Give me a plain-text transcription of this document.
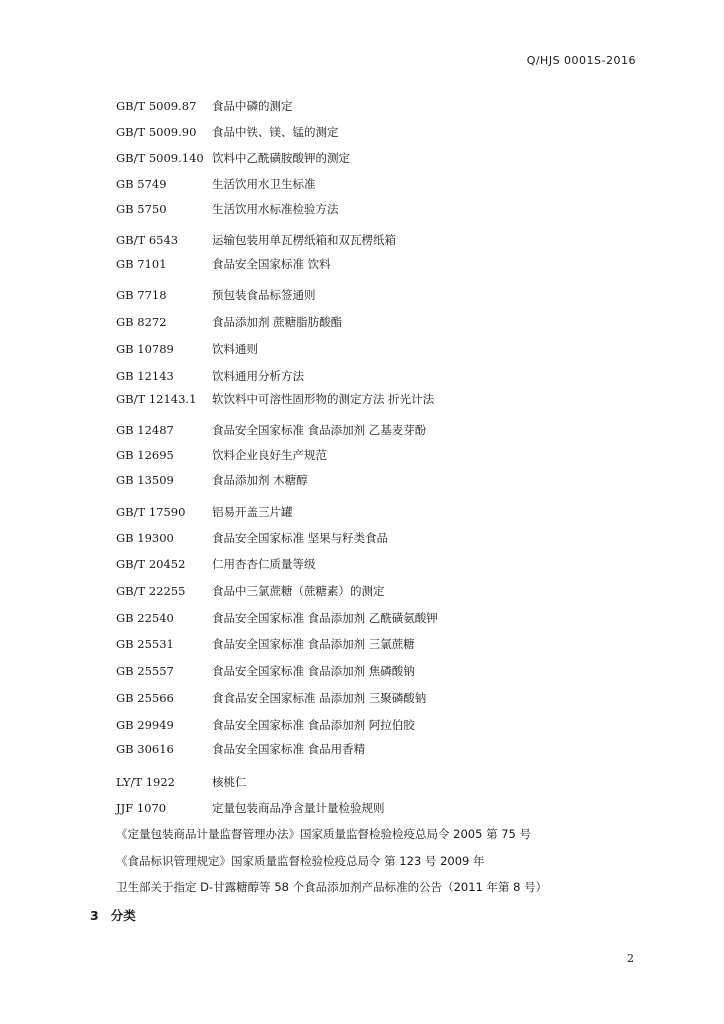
Q/HJS 0001S-2016
GB/T 5009.87 食品中磷的测定
GB/T 5009.90 食品中铁、镁、锰的测定
GB/T 5009.140 饮料中乙酰磺胺酸钾的测定
GB 5749	生活饮用水卫生标准
GB 5750	生活饮用水标准检验方法
GB/T 6543	运输包装用单瓦楞纸箱和双瓦楞纸箱
GB 7101	食品安全国家标准 饮料
GB 7718	预包装食品标签通则
GB 8272	食品添加剂 蔗糖脂肪酸酯
GB 10789	饮料通则
GB 12143	饮料通用分析方法
GB/T 12143.1 软饮料中可溶性固形物的测定方法 折光计法
GB 12487	食品安全国家标准 食品添加剂 乙基麦芽酚
GB 12695	饮料企业良好生产规范
GB 13509	食品添加剂 木糖醇
GB/T 17590 铝易开盖三片罐
GB 19300	食品安全国家标准 坚果与籽类食品
GB/T 20452 仁用杏杏仁质量等级
GB/T 22255 食品中三氯蔗糖（蔗糖素）的测定
GB 22540	食品安全国家标准 食品添加剂 乙酰磺氨酸钾
GB 25531	食品安全国家标准 食品添加剂 三氯蔗糖
GB 25557	食品安全国家标准 食品添加剂 焦磷酸钠
GB 25566	食食品安全国家标准 品添加剂 三聚磷酸钠
GB 29949	食品安全国家标准 食品添加剂 阿拉伯胶
GB 30616	食品安全国家标准 食品用香精
LY/T 1922	核桃仁
JJF 1070	定量包装商品净含量计量检验规则
《定量包装商品计量监督管理办法》国家质量监督检验检疫总局令 2005 第 75 号
《食品标识管理规定》国家质量监督检验检疫总局令 第 123 号 2009 年
卫生部关于指定 D-甘露糖醇等 58 个食品添加剂产品标准的公告（2011 年第 8 号）
3 分类
2
